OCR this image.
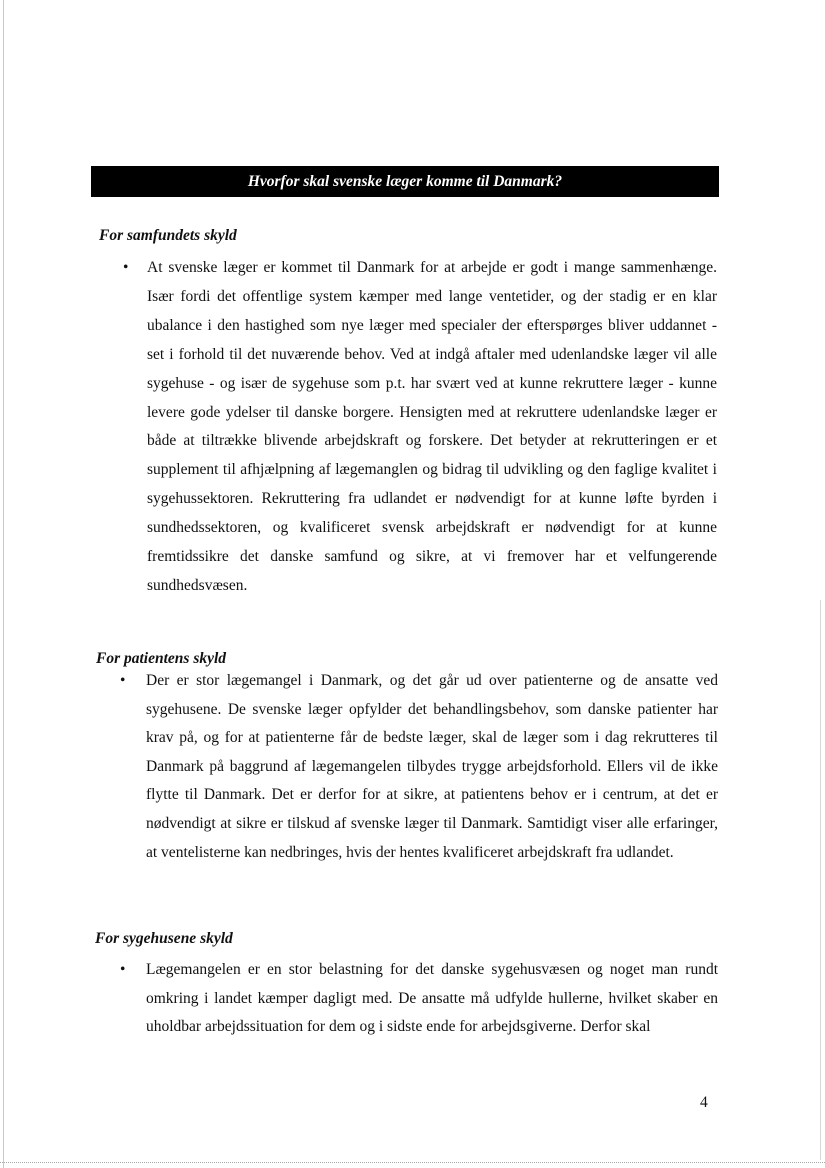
Hvorfor skal svenske læger komme til Danmark?
For samfundets skyld
• At svenske læger er kommet til Danmark for at arbejde er godt i mange sammenhænge. Især fordi det offentlige system kæmper med lange ventetider, og der stadig er en klar ubalance i den hastighed som nye læger med specialer der efterspørges bliver uddannet - set i forhold til det nuværende behov. Ved at indgå aftaler med udenlandske læger vil alle sygehuse - og især de sygehuse som p.t. har svært ved at kunne rekruttere læger - kunne levere gode ydelser til danske borgere. Hensigten med at rekruttere udenlandske læger er både at tiltrække blivende arbejdskraft og forskere. Det betyder at rekrutteringen er et supplement til afhjælpning af lægemanglen og bidrag til udvikling og den faglige kvalitet i sygehussektoren. Rekruttering fra udlandet er nødvendigt for at kunne løfte byrden i sundhedssektoren, og kvalificeret svensk arbejdskraft er nødvendigt for at kunne fremtidssikre det danske samfund og sikre, at vi fremover har et velfungerende sundhedsvæsen.

For patientens skyld
• Der er stor lægemangel i Danmark, og det går ud over patienterne og de ansatte ved sygehusene. De svenske læger opfylder det behandlingsbehov, som danske patienter har krav på, og for at patienterne får de bedste læger, skal de læger som i dag rekrutteres til Danmark på baggrund af lægemangelen tilbydes trygge arbejdsforhold. Ellers vil de ikke flytte til Danmark. Det er derfor for at sikre, at patientens behov er i centrum, at det er nødvendigt at sikre er tilskud af svenske læger til Danmark. Samtidigt viser alle erfaringer, at ventelisterne kan nedbringes, hvis der hentes kvalificeret arbejdskraft fra udlandet.

For sygehusene skyld
• Lægemangelen er en stor belastning for det danske sygehusvæsen og noget man rundt omkring i landet kæmper dagligt med. De ansatte må udfylde hullerne, hvilket skaber en uholdbar arbejdssituation for dem og i sidste ende for arbejdsgiverne. Derfor skal

4
